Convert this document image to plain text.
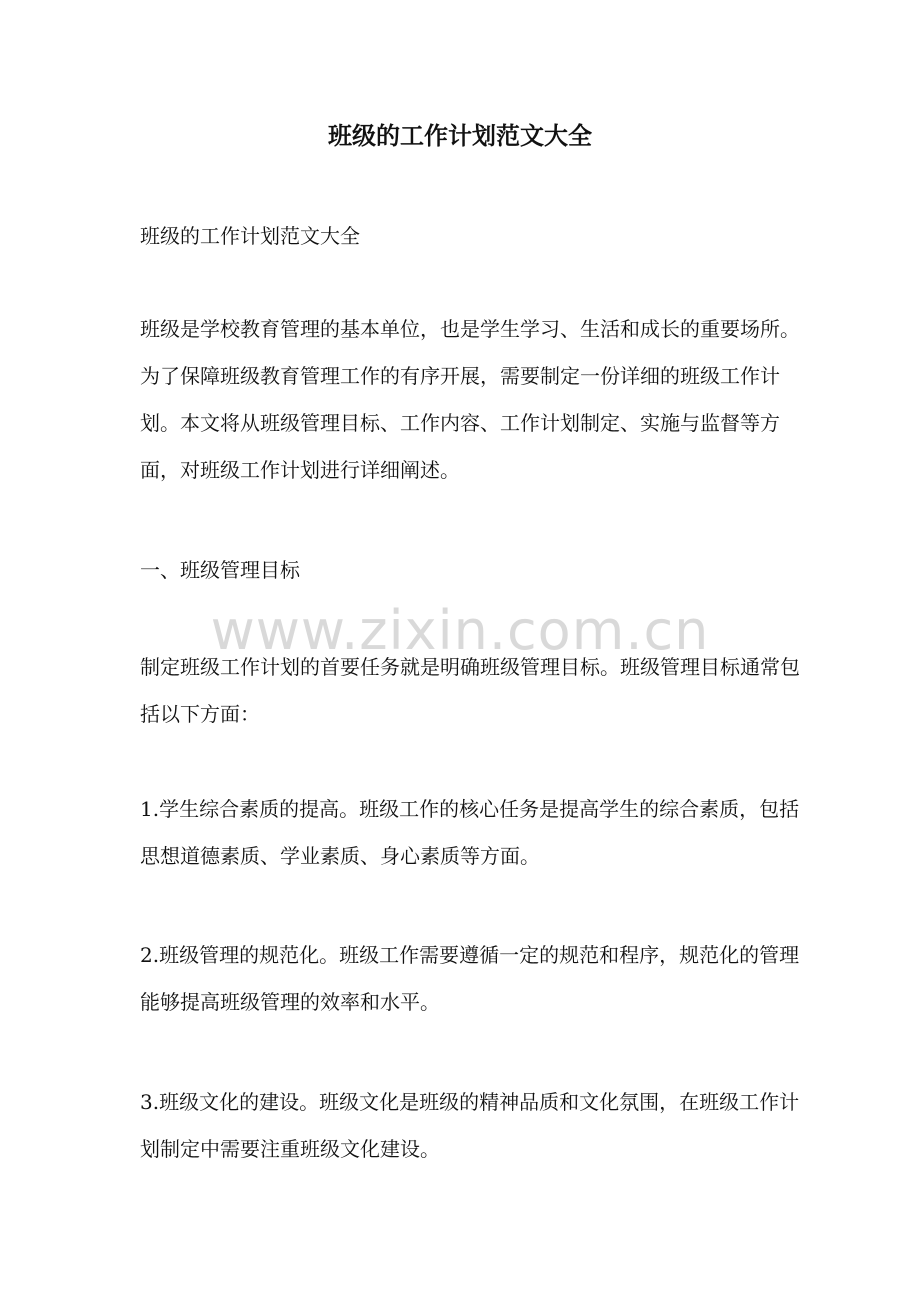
班级的工作计划范文大全

班级的工作计划范文大全

班级是学校教育管理的基本单位，也是学生学习、生活和成长的重要场所。为了保障班级教育管理工作的有序开展，需要制定一份详细的班级工作计划。本文将从班级管理目标、工作内容、工作计划制定、实施与监督等方面，对班级工作计划进行详细阐述。

一、班级管理目标

制定班级工作计划的首要任务就是明确班级管理目标。班级管理目标通常包括以下方面：

1.学生综合素质的提高。班级工作的核心任务是提高学生的综合素质，包括思想道德素质、学业素质、身心素质等方面。

2.班级管理的规范化。班级工作需要遵循一定的规范和程序，规范化的管理能够提高班级管理的效率和水平。

3.班级文化的建设。班级文化是班级的精神品质和文化氛围，在班级工作计划制定中需要注重班级文化建设。

www.zixin.com.cn
